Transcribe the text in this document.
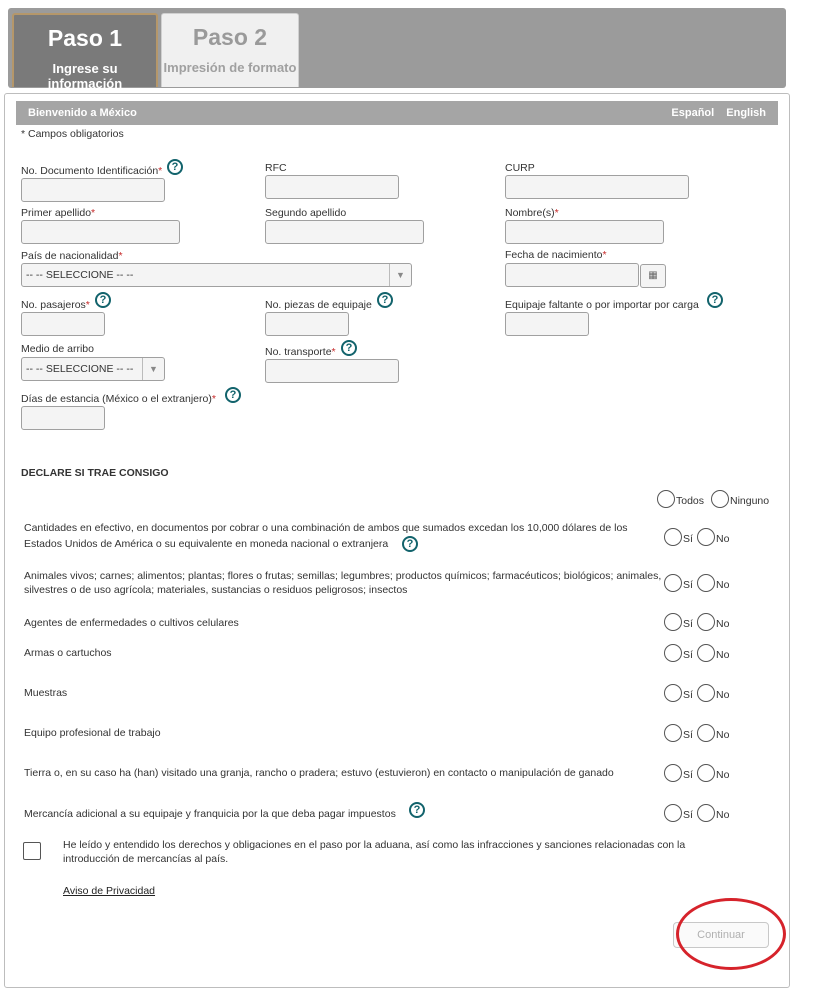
Paso 1
Ingrese su información
Paso 2
Impresión de formato
Bienvenido a México	Español English
* Campos obligatorios
No. Documento Identificación* ?	RFC	CURP
Primer apellido*	Segundo apellido	Nombre(s)*
País de nacionalidad*
-- -- SELECCIONE -- --	▼
Fecha de nacimiento*
▦
No. pasajeros* ?	No. piezas de equipaje ?	Equipaje faltante o por importar por carga	?
Medio de arribo
-- -- SELECCIONE -- --	▼
No. transporte* ?
Días de estancia (México o el extranjero)*	?
DECLARE SI TRAE CONSIGO
Todos Ninguno
Cantidades en efectivo, en documentos por cobrar o una combinación de ambos que sumados excedan los 10,000 dólares de los Estados Unidos de América o su equivalente en moneda nacional o extranjera	?	Sí No
Animales vivos; carnes; alimentos; plantas; flores o frutas; semillas; legumbres; productos químicos; farmacéuticos; biológicos; animales, silvestres o de uso agrícola; materiales, sustancias o residuos peligrosos; insectos	Sí No
Agentes de enfermedades o cultivos celulares	Sí No
Armas o cartuchos	Sí No
Muestras	Sí No
Equipo profesional de trabajo	Sí No
Tierra o, en su caso ha (han) visitado una granja, rancho o pradera; estuvo (estuvieron) en contacto o manipulación de ganado	Sí No
Mercancía adicional a su equipaje y franquicia por la que deba pagar impuestos	?	Sí No
He leído y entendido los derechos y obligaciones en el paso por la aduana, así como las infracciones y sanciones relacionadas con la introducción de mercancías al país.
Aviso de Privacidad
Continuar
